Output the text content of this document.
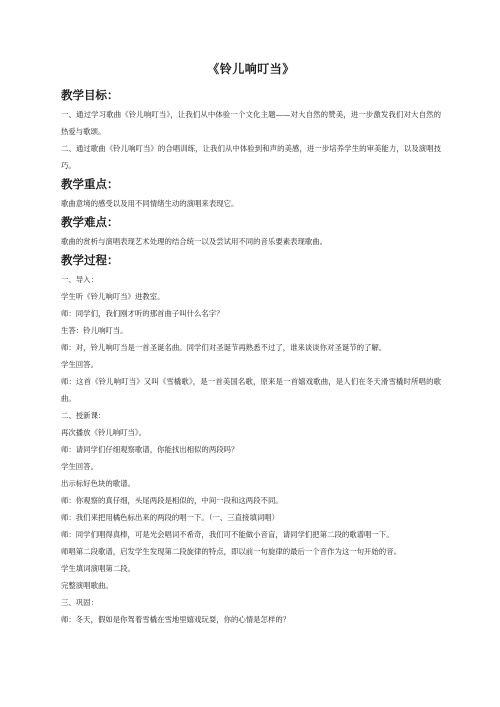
《铃儿响叮当》
教学目标：

一、通过学习歌曲《铃儿响叮当》，让我们从中体验一个文化主题——对大自然的赞美，进一步激发我们对大自然的热爱与歌颂。

二、通过歌曲《铃儿响叮当》的合唱训练，让我们从中体验到和声的美感，进一步培养学生的审美能力，以及演唱技巧。

教学重点：

歌曲意境的感受以及用不同情绪生动的演唱来表现它。

教学难点：

歌曲的赏析与演唱表现艺术处理的结合统一以及尝试用不同的音乐要素表现歌曲。

教学过程：

一、导入：

学生听《铃儿响叮当》进教室。

师：同学们，我们刚才听的那首曲子叫什么名字？

生答：铃儿响叮当。

师：对，铃儿响叮当是一首圣诞名曲。同学们对圣诞节再熟悉不过了，谁来谈谈你对圣诞节的了解。

学生回答。

师：这首《铃儿响叮当》又叫《雪橇歌》，是一首美国名歌，原来是一首嬉戏歌曲，是人们在冬天滑雪橇时所唱的歌曲。

二、授新课：

再次播放《铃儿响叮当》。

师：请同学们仔细观察歌谱，你能找出相似的两段吗？

学生回答。

出示标好色块的歌谱。

师：你观察的真仔细，头尾两段是相似的，中间一段和这两段不同。

师：我们来把用橘色标出来的两段的唱一下。（一、三直接填词唱）

师：同学们唱得真棒，可是光会唱词不希奇，我们可不能做小音盲，请同学们把第二段的歌谱唱一下。

师唱第二段歌谱，启发学生发现第二段旋律的特点，即以前一句旋律的最后一个音作为这一句开始的音。

学生填词演唱第二段。

完整演唱歌曲。

三、巩固：

师：冬天，假如是你驾着雪橇在雪地里嬉戏玩耍，你的心情是怎样的？
